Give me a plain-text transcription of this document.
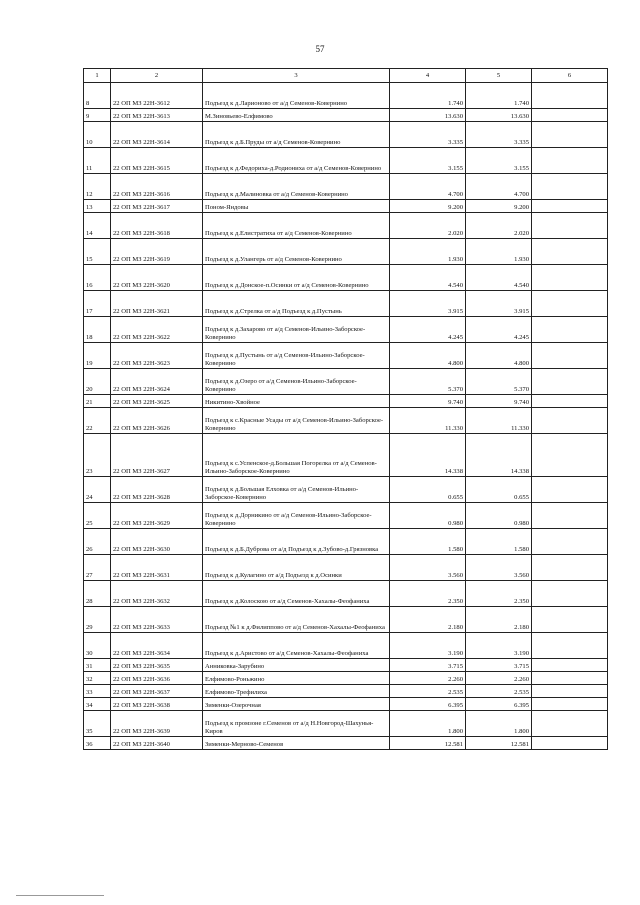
57
1	2	3	4	5	6
8	22 ОП МЗ 22Н-3612	Подъезд к д.Ларионово от а/д Семенов-Ковернино	1.740	1.740	
9	22 ОП МЗ 22Н-3613	М.Зиновьево-Елфимово	13.630	13.630	
10	22 ОП МЗ 22Н-3614	Подъезд к д.Б.Пруды от а/д Семенов-Ковернино	3.335	3.335	
11	22 ОП МЗ 22Н-3615	Подъезд к д.Федориха-д.Родиониха от а/д Семенов-Ковернино	3.155	3.155	
12	22 ОП МЗ 22Н-3616	Подъезд к д.Малиновка от а/д Семенов-Ковернино	4.700	4.700	
13	22 ОП МЗ 22Н-3617	Поном-Яндовы	9.200	9.200	
14	22 ОП МЗ 22Н-3618	Подъезд к д.Елистратиха от а/д Семенов-Ковернино	2.020	2.020	
15	22 ОП МЗ 22Н-3619	Подъезд к д.Улангерь от а/д Семенов-Ковернино	1.930	1.930	
16	22 ОП МЗ 22Н-3620	Подъезд к д.Донское-п.Осинки от а/д Семенов-Ковернино	4.540	4.540	
17	22 ОП МЗ 22Н-3621	Подъезд к д.Стрелка от а/д Подъезд к д.Пустынь	3.915	3.915	
18	22 ОП МЗ 22Н-3622	Подъезд к д.Захарово от а/д Семенов-Ильино-Заборское-Ковернино	4.245	4.245	
19	22 ОП МЗ 22Н-3623	Подъезд к д.Пустынь от а/д Семенов-Ильино-Заборское-Ковернино	4.800	4.800	
20	22 ОП МЗ 22Н-3624	Подъезд к д.Озеро от а/д Семенов-Ильино-Заборское-Ковернино	5.370	5.370	
21	22 ОП МЗ 22Н-3625	Никитино-Хвойное	9.740	9.740	
22	22 ОП МЗ 22Н-3626	Подъезд к с.Красные Усады от а/д Семенов-Ильино-Заборское-Ковернино	11.330	11.330	
23	22 ОП МЗ 22Н-3627	Подъезд к с.Успенское-д.Большая Погорелка от а/д Семенов-Ильино-Заборское-Ковернино	14.338	14.338	
24	22 ОП МЗ 22Н-3628	Подъезд к д.Большая Елховка от а/д Семенов-Ильино-Заборское-Ковернино	0.655	0.655	
25	22 ОП МЗ 22Н-3629	Подъезд к д.Дорникино от а/д Семенов-Ильино-Заборское-Ковернино	0.980	0.980	
26	22 ОП МЗ 22Н-3630	Подъезд к д.Б.Дуброва от а/д Подъезд к д.Зубово-д.Грязновка	1.580	1.580	
27	22 ОП МЗ 22Н-3631	Подъезд к д.Кулагино от а/д Подъезд к д.Осинки	3.560	3.560	
28	22 ОП МЗ 22Н-3632	Подъезд к д.Колоскою от а/д Семенов-Хахалы-Феофаниха	2.350	2.350	
29	22 ОП МЗ 22Н-3633	Подъезд №1 к д.Филиппово от а/д Семенов-Хахалы-Феофаниха	2.180	2.180	
30	22 ОП МЗ 22Н-3634	Подъезд к д.Аристово от а/д Семенов-Хахалы-Феофаниха	3.190	3.190	
31	22 ОП МЗ 22Н-3635	Анниковка-Зарубино	3.715	3.715	
32	22 ОП МЗ 22Н-3636	Елфимово-Роньжино	2.260	2.260	
33	22 ОП МЗ 22Н-3637	Елфимово-Трефилиха	2.535	2.535	
34	22 ОП МЗ 22Н-3638	Зименки-Озерочная	6.395	6.395	
35	22 ОП МЗ 22Н-3639	Подъезд к промзоне г.Семенов от а/д Н.Новгород-Шахунья-Киров	1.800	1.800	
36	22 ОП МЗ 22Н-3640	Зименки-Мерново-Семенов	12.581	12.581	
